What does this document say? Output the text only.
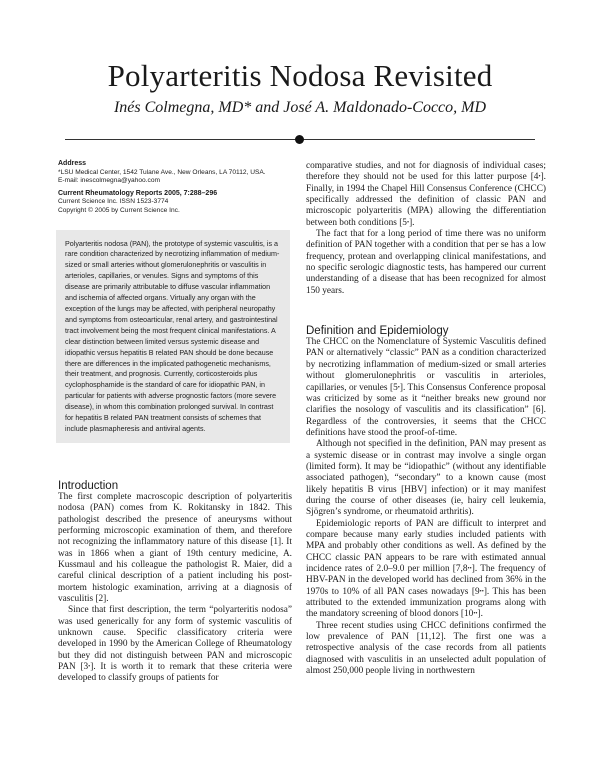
Polyarteritis Nodosa Revisited

Inés Colmegna, MD* and José A. Maldonado-Cocco, MD

Address

*LSU Medical Center, 1542 Tulane Ave., New Orleans, LA 70112, USA.

E-mail: inescolmegna@yahoo.com

Current Rheumatology Reports 2005, 7:288–296

Current Science Inc. ISSN 1523-3774

Copyright © 2005 by Current Science Inc.

Polyarteritis nodosa (PAN), the prototype of systemic vasculitis, is a rare condition characterized by necrotizing inflammation of medium-sized or small arteries without glomerulonephritis or vasculitis in arterioles, capillaries, or venules. Signs and symptoms of this disease are primarily attributable to diffuse vascular inflammation and ischemia of affected organs. Virtually any organ with the exception of the lungs may be affected, with peripheral neuropathy and symptoms from osteoarticular, renal artery, and gastrointestinal tract involvement being the most frequent clinical manifestations. A clear distinction between limited versus systemic disease and idiopathic versus hepatitis B related PAN should be done because there are differences in the implicated pathogenetic mechanisms, their treatment, and prognosis. Currently, corticosteroids plus cyclophosphamide is the standard of care for idiopathic PAN, in particular for patients with adverse prognostic factors (more severe disease), in whom this combination prolonged survival. In contrast for hepatitis B related PAN treatment consists of schemes that include plasmapheresis and antiviral agents.
Introduction

The first complete macroscopic description of polyarteritis nodosa (PAN) comes from K. Rokitansky in 1842. This pathologist described the presence of aneurysms without performing microscopic examination of them, and therefore not recognizing the inflammatory nature of this disease [1]. It was in 1866 when a giant of 19th century medicine, A. Kussmaul and his colleague the pathologist R. Maier, did a careful clinical description of a patient including his post-mortem histologic examination, arriving at a diagnosis of vasculitis [2].

Since that first description, the term “polyarteritis nodosa” was used generically for any form of systemic vasculitis of unknown cause. Specific classificatory criteria were developed in 1990 by the American College of Rheumatology but they did not distinguish between PAN and microscopic PAN [3•]. It is worth it to remark that these criteria were developed to classify groups of patients for

comparative studies, and not for diagnosis of individual cases; therefore they should not be used for this latter purpose [4•]. Finally, in 1994 the Chapel Hill Consensus Conference (CHCC) specifically addressed the definition of classic PAN and microscopic polyarteritis (MPA) allowing the differentiation between both conditions [5•].

The fact that for a long period of time there was no uniform definition of PAN together with a condition that per se has a low frequency, protean and overlapping clinical manifestations, and no specific serologic diagnostic tests, has hampered our current understanding of a disease that has been recognized for almost 150 years.

Definition and Epidemiology

The CHCC on the Nomenclature of Systemic Vasculitis defined PAN or alternatively “classic” PAN as a condition characterized by necrotizing inflammation of medium-sized or small arteries without glomerulonephritis or vasculitis in arterioles, capillaries, or venules [5•]. This Consensus Conference proposal was criticized by some as it “neither breaks new ground nor clarifies the nosology of vasculitis and its classification” [6]. Regardless of the controversies, it seems that the CHCC definitions have stood the proof-of-time.

Although not specified in the definition, PAN may present as a systemic disease or in contrast may involve a single organ (limited form). It may be “idiopathic” (without any identifiable associated pathogen), “secondary” to a known cause (most likely hepatitis B virus [HBV] infection) or it may manifest during the course of other diseases (ie, hairy cell leukemia, Sjögren’s syndrome, or rheumatoid arthritis).

Epidemiologic reports of PAN are difficult to interpret and compare because many early studies included patients with MPA and probably other conditions as well. As defined by the CHCC classic PAN appears to be rare with estimated annual incidence rates of 2.0–9.0 per million [7,8••]. The frequency of HBV-PAN in the developed world has declined from 36% in the 1970s to 10% of all PAN cases nowadays [9••]. This has been attributed to the extended immunization programs along with the mandatory screening of blood donors [10••].

Three recent studies using CHCC definitions confirmed the low prevalence of PAN [11,12]. The first one was a retrospective analysis of the case records from all patients diagnosed with vasculitis in an unselected adult population of almost 250,000 people living in northwestern
